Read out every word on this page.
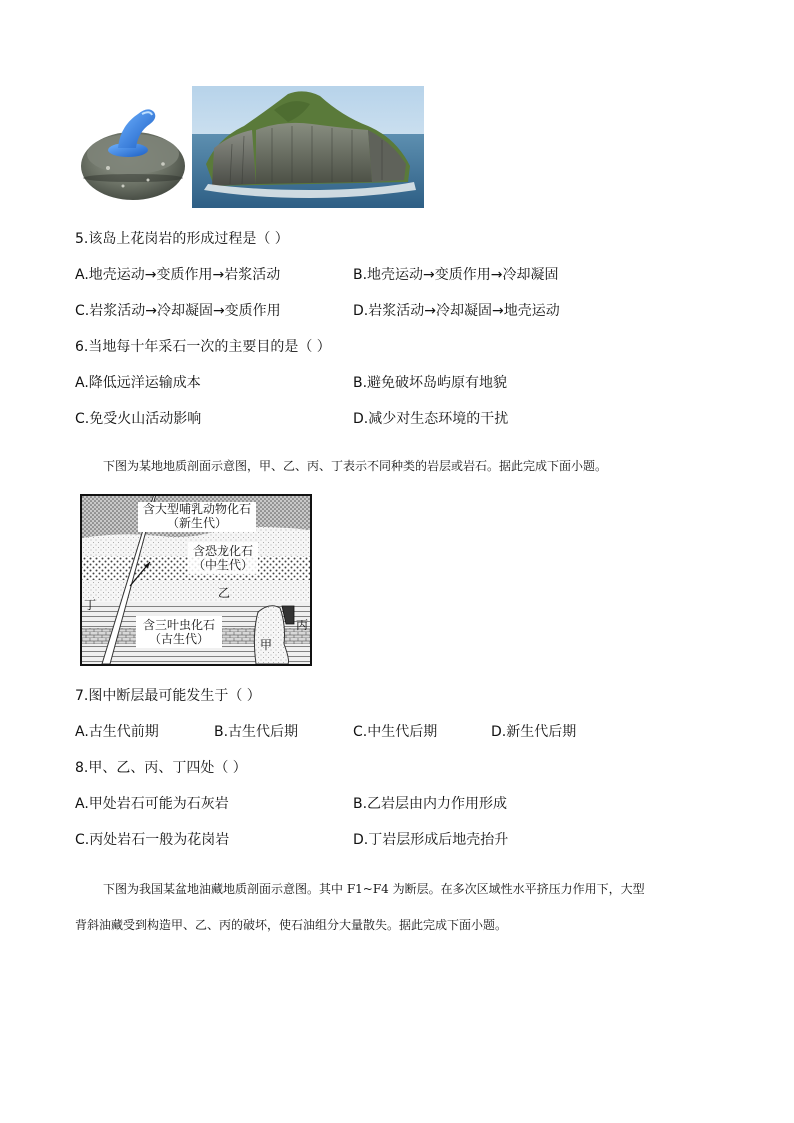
5.该岛上花岗岩的形成过程是（ ）
A.地壳运动→变质作用→岩浆活动	B.地壳运动→变质作用→冷却凝固
C.岩浆活动→冷却凝固→变质作用	D.岩浆活动→冷却凝固→地壳运动
6.当地每十年采石一次的主要目的是（ ）
A.降低远洋运输成本	B.避免破坏岛屿原有地貌
C.免受火山活动影响	D.减少对生态环境的干扰
下图为某地地质剖面示意图，甲、乙、丙、丁表示不同种类的岩层或岩石。据此完成下面小题。
含大型哺乳动物化石
（新生代）
含恐龙化石
（中生代）
乙
丁
含三叶虫化石
（古生代）	甲
丙
7.图中断层最可能发生于（ ）
A.古生代前期	B.古生代后期	C.中生代后期	D.新生代后期
8.甲、乙、丙、丁四处（ ）
A.甲处岩石可能为石灰岩	B.乙岩层由内力作用形成
C.丙处岩石一般为花岗岩	D.丁岩层形成后地壳抬升
下图为我国某盆地油藏地质剖面示意图。其中 F1~F4 为断层。在多次区域性水平挤压力作用下，大型
背斜油藏受到构造甲、乙、丙的破坏，使石油组分大量散失。据此完成下面小题。
